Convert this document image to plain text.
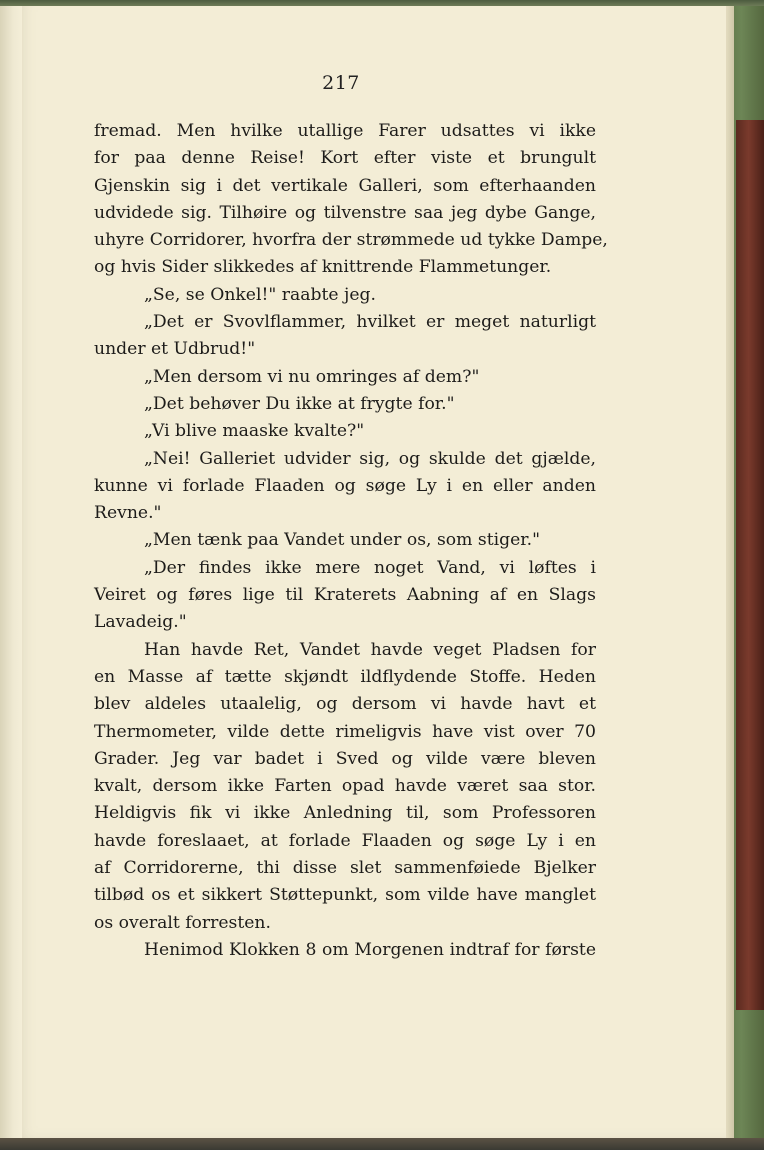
217
fremad. Men hvilke utallige Farer udsattes vi ikke
for paa denne Reise! Kort efter viste et brungult
Gjenskin sig i det vertikale Galleri, som efterhaanden
udvidede sig. Tilhøire og tilvenstre saa jeg dybe Gange,
uhyre Corridorer, hvorfra der strømmede ud tykke Dampe,
og hvis Sider slikkedes af knittrende Flammetunger.
„Se, se Onkel!" raabte jeg.
„Det er Svovlflammer, hvilket er meget naturligt
under et Udbrud!"
„Men dersom vi nu omringes af dem?"
„Det behøver Du ikke at frygte for."
„Vi blive maaske kvalte?"
„Nei! Galleriet udvider sig, og skulde det gjælde,
kunne vi forlade Flaaden og søge Ly i en eller anden
Revne."
„Men tænk paa Vandet under os, som stiger."
„Der findes ikke mere noget Vand, vi løftes i
Veiret og føres lige til Kraterets Aabning af en Slags
Lavadeig."
Han havde Ret, Vandet havde veget Pladsen for
en Masse af tætte skjøndt ildflydende Stoffe. Heden
blev aldeles utaalelig, og dersom vi havde havt et
Thermometer, vilde dette rimeligvis have vist over 70
Grader. Jeg var badet i Sved og vilde være bleven
kvalt, dersom ikke Farten opad havde været saa stor.
Heldigvis fik vi ikke Anledning til, som Professoren
havde foreslaaet, at forlade Flaaden og søge Ly i en
af Corridorerne, thi disse slet sammenføiede Bjelker
tilbød os et sikkert Støttepunkt, som vilde have manglet
os overalt forresten.
Henimod Klokken 8 om Morgenen indtraf for første
